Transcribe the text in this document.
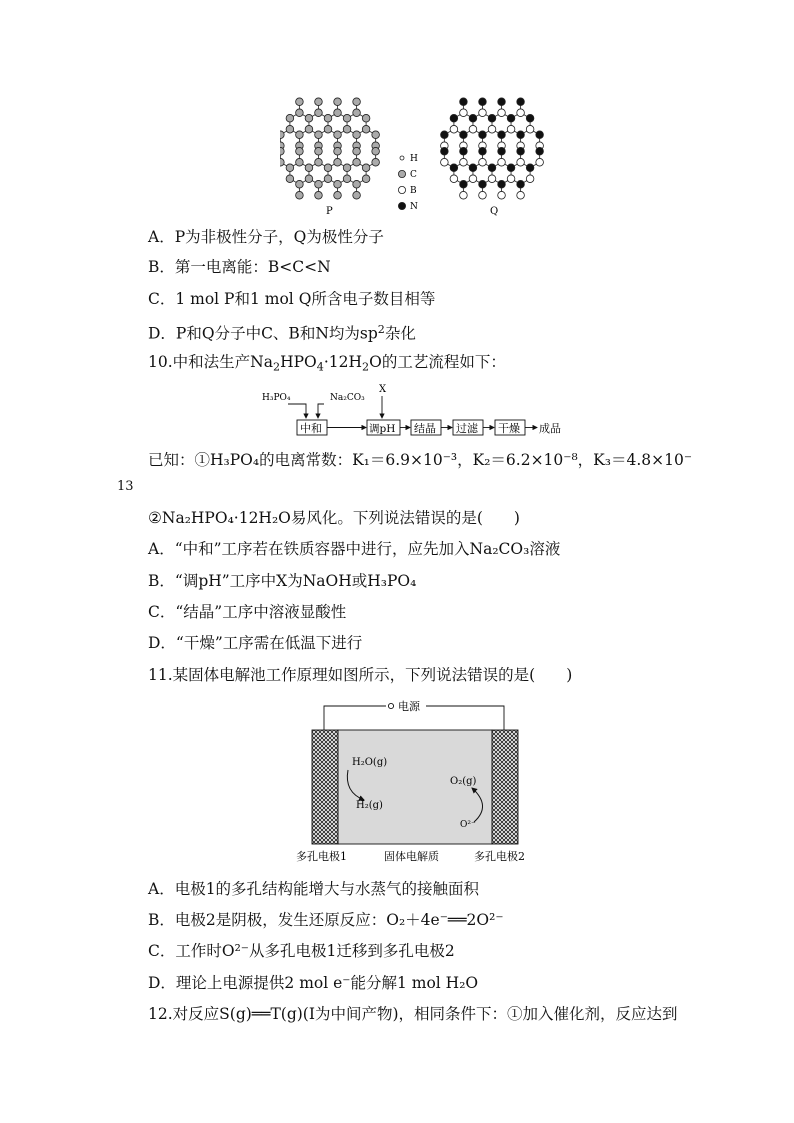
P	Q
H
C
B
N
A．P为非极性分子，Q为极性分子
B．第一电离能：B<C<N
C．1 mol P和1 mol Q所含电子数目相等
D．P和Q分子中C、B和N均为$sp^2$杂化
10.中和法生产$Na_2HPO_4\cdot 12H_2O$的工艺流程如下：
H₃PO₄	Na₂CO₃
X
中和	调pH 结晶 过滤 干燥 成品
已知：①H₃PO₄的电离常数：K₁＝6.9×10⁻³，K₂＝6.2×10⁻⁸，K₃＝4.8×10⁻
13
②Na₂HPO₄·12H₂O易风化。下列说法错误的是(　　)
A．“中和”工序若在铁质容器中进行，应先加入Na₂CO₃溶液
B．“调pH”工序中X为NaOH或H₃PO₄
C．“结晶”工序中溶液显酸性
D．“干燥”工序需在低温下进行
11.某固体电解池工作原理如图所示，下列说法错误的是(　　)
电源
H₂O(g)
H₂(g)
O₂(g)
O²⁻
多孔电极1	固体电解质	多孔电极2
A．电极1的多孔结构能增大与水蒸气的接触面积
B．电极2是阴极，发生还原反应：O₂＋4e⁻══2O²⁻
C．工作时O²⁻从多孔电极1迁移到多孔电极2
D．理论上电源提供2 mol e⁻能分解1 mol H₂O
12.对反应S(g)══T(g)(I为中间产物)，相同条件下：①加入催化剂，反应达到
